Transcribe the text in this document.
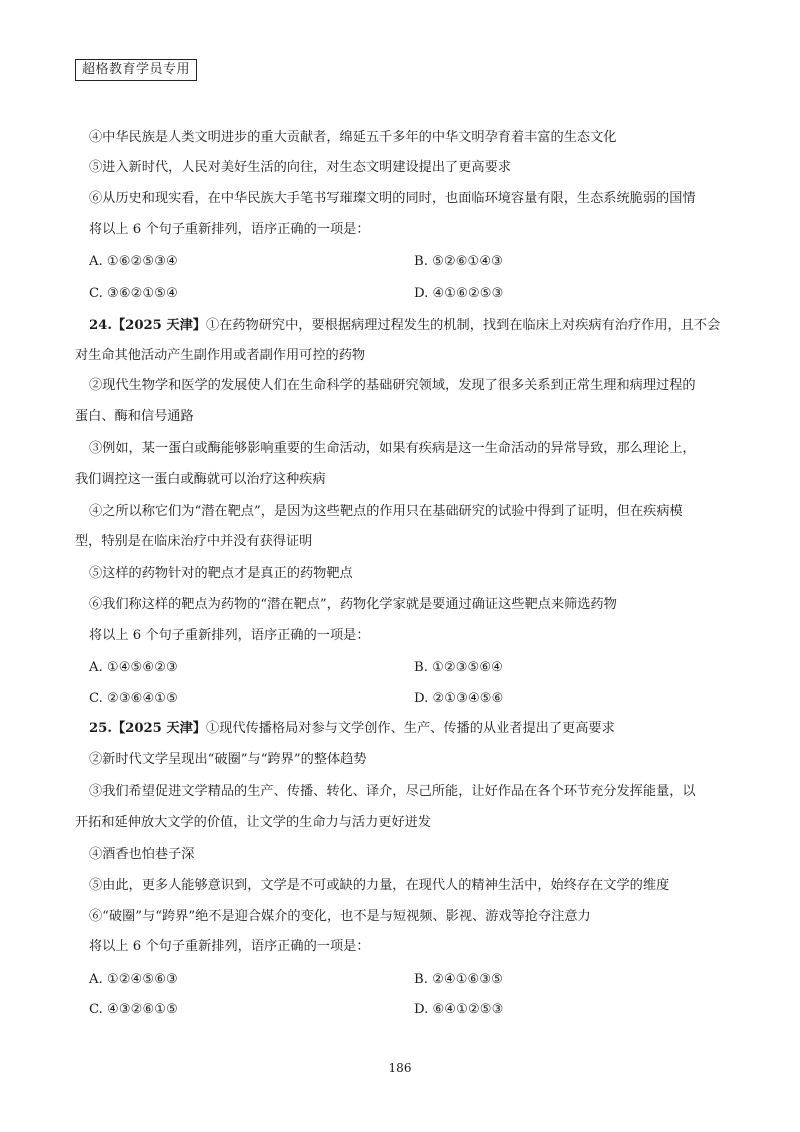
超格教育学员专用
④中华民族是人类文明进步的重大贡献者，绵延五千多年的中华文明孕育着丰富的生态文化
⑤进入新时代，人民对美好生活的向往，对生态文明建设提出了更高要求
⑥从历史和现实看，在中华民族大手笔书写璀璨文明的同时，也面临环境容量有限，生态系统脆弱的国情
将以上 6 个句子重新排列，语序正确的一项是：
A. ①⑥②⑤③④	B. ⑤②⑥①④③
C. ③⑥②①⑤④	D. ④①⑥②⑤③
24.【2025 天津】①在药物研究中，要根据病理过程发生的机制，找到在临床上对疾病有治疗作用，且不会
对生命其他活动产生副作用或者副作用可控的药物
②现代生物学和医学的发展使人们在生命科学的基础研究领域，发现了很多关系到正常生理和病理过程的
蛋白、酶和信号通路
③例如，某一蛋白或酶能够影响重要的生命活动，如果有疾病是这一生命活动的异常导致，那么理论上，
我们调控这一蛋白或酶就可以治疗这种疾病
④之所以称它们为“潜在靶点”，是因为这些靶点的作用只在基础研究的试验中得到了证明，但在疾病模
型，特别是在临床治疗中并没有获得证明
⑤这样的药物针对的靶点才是真正的药物靶点
⑥我们称这样的靶点为药物的“潜在靶点”，药物化学家就是要通过确证这些靶点来筛选药物
将以上 6 个句子重新排列，语序正确的一项是：
A. ①④⑤⑥②③	B. ①②③⑤⑥④
C. ②③⑥④①⑤	D. ②①③④⑤⑥
25.【2025 天津】①现代传播格局对参与文学创作、生产、传播的从业者提出了更高要求
②新时代文学呈现出“破圈”与“跨界”的整体趋势
③我们希望促进文学精品的生产、传播、转化、译介，尽己所能，让好作品在各个环节充分发挥能量，以
开拓和延伸放大文学的价值，让文学的生命力与活力更好迸发
④酒香也怕巷子深
⑤由此，更多人能够意识到，文学是不可或缺的力量，在现代人的精神生活中，始终存在文学的维度
⑥“破圈”与“跨界”绝不是迎合媒介的变化，也不是与短视频、影视、游戏等抢夺注意力
将以上 6 个句子重新排列，语序正确的一项是：
A. ①②④⑤⑥③	B. ②④①⑥③⑤
C. ④③②⑥①⑤	D. ⑥④①②⑤③
186
